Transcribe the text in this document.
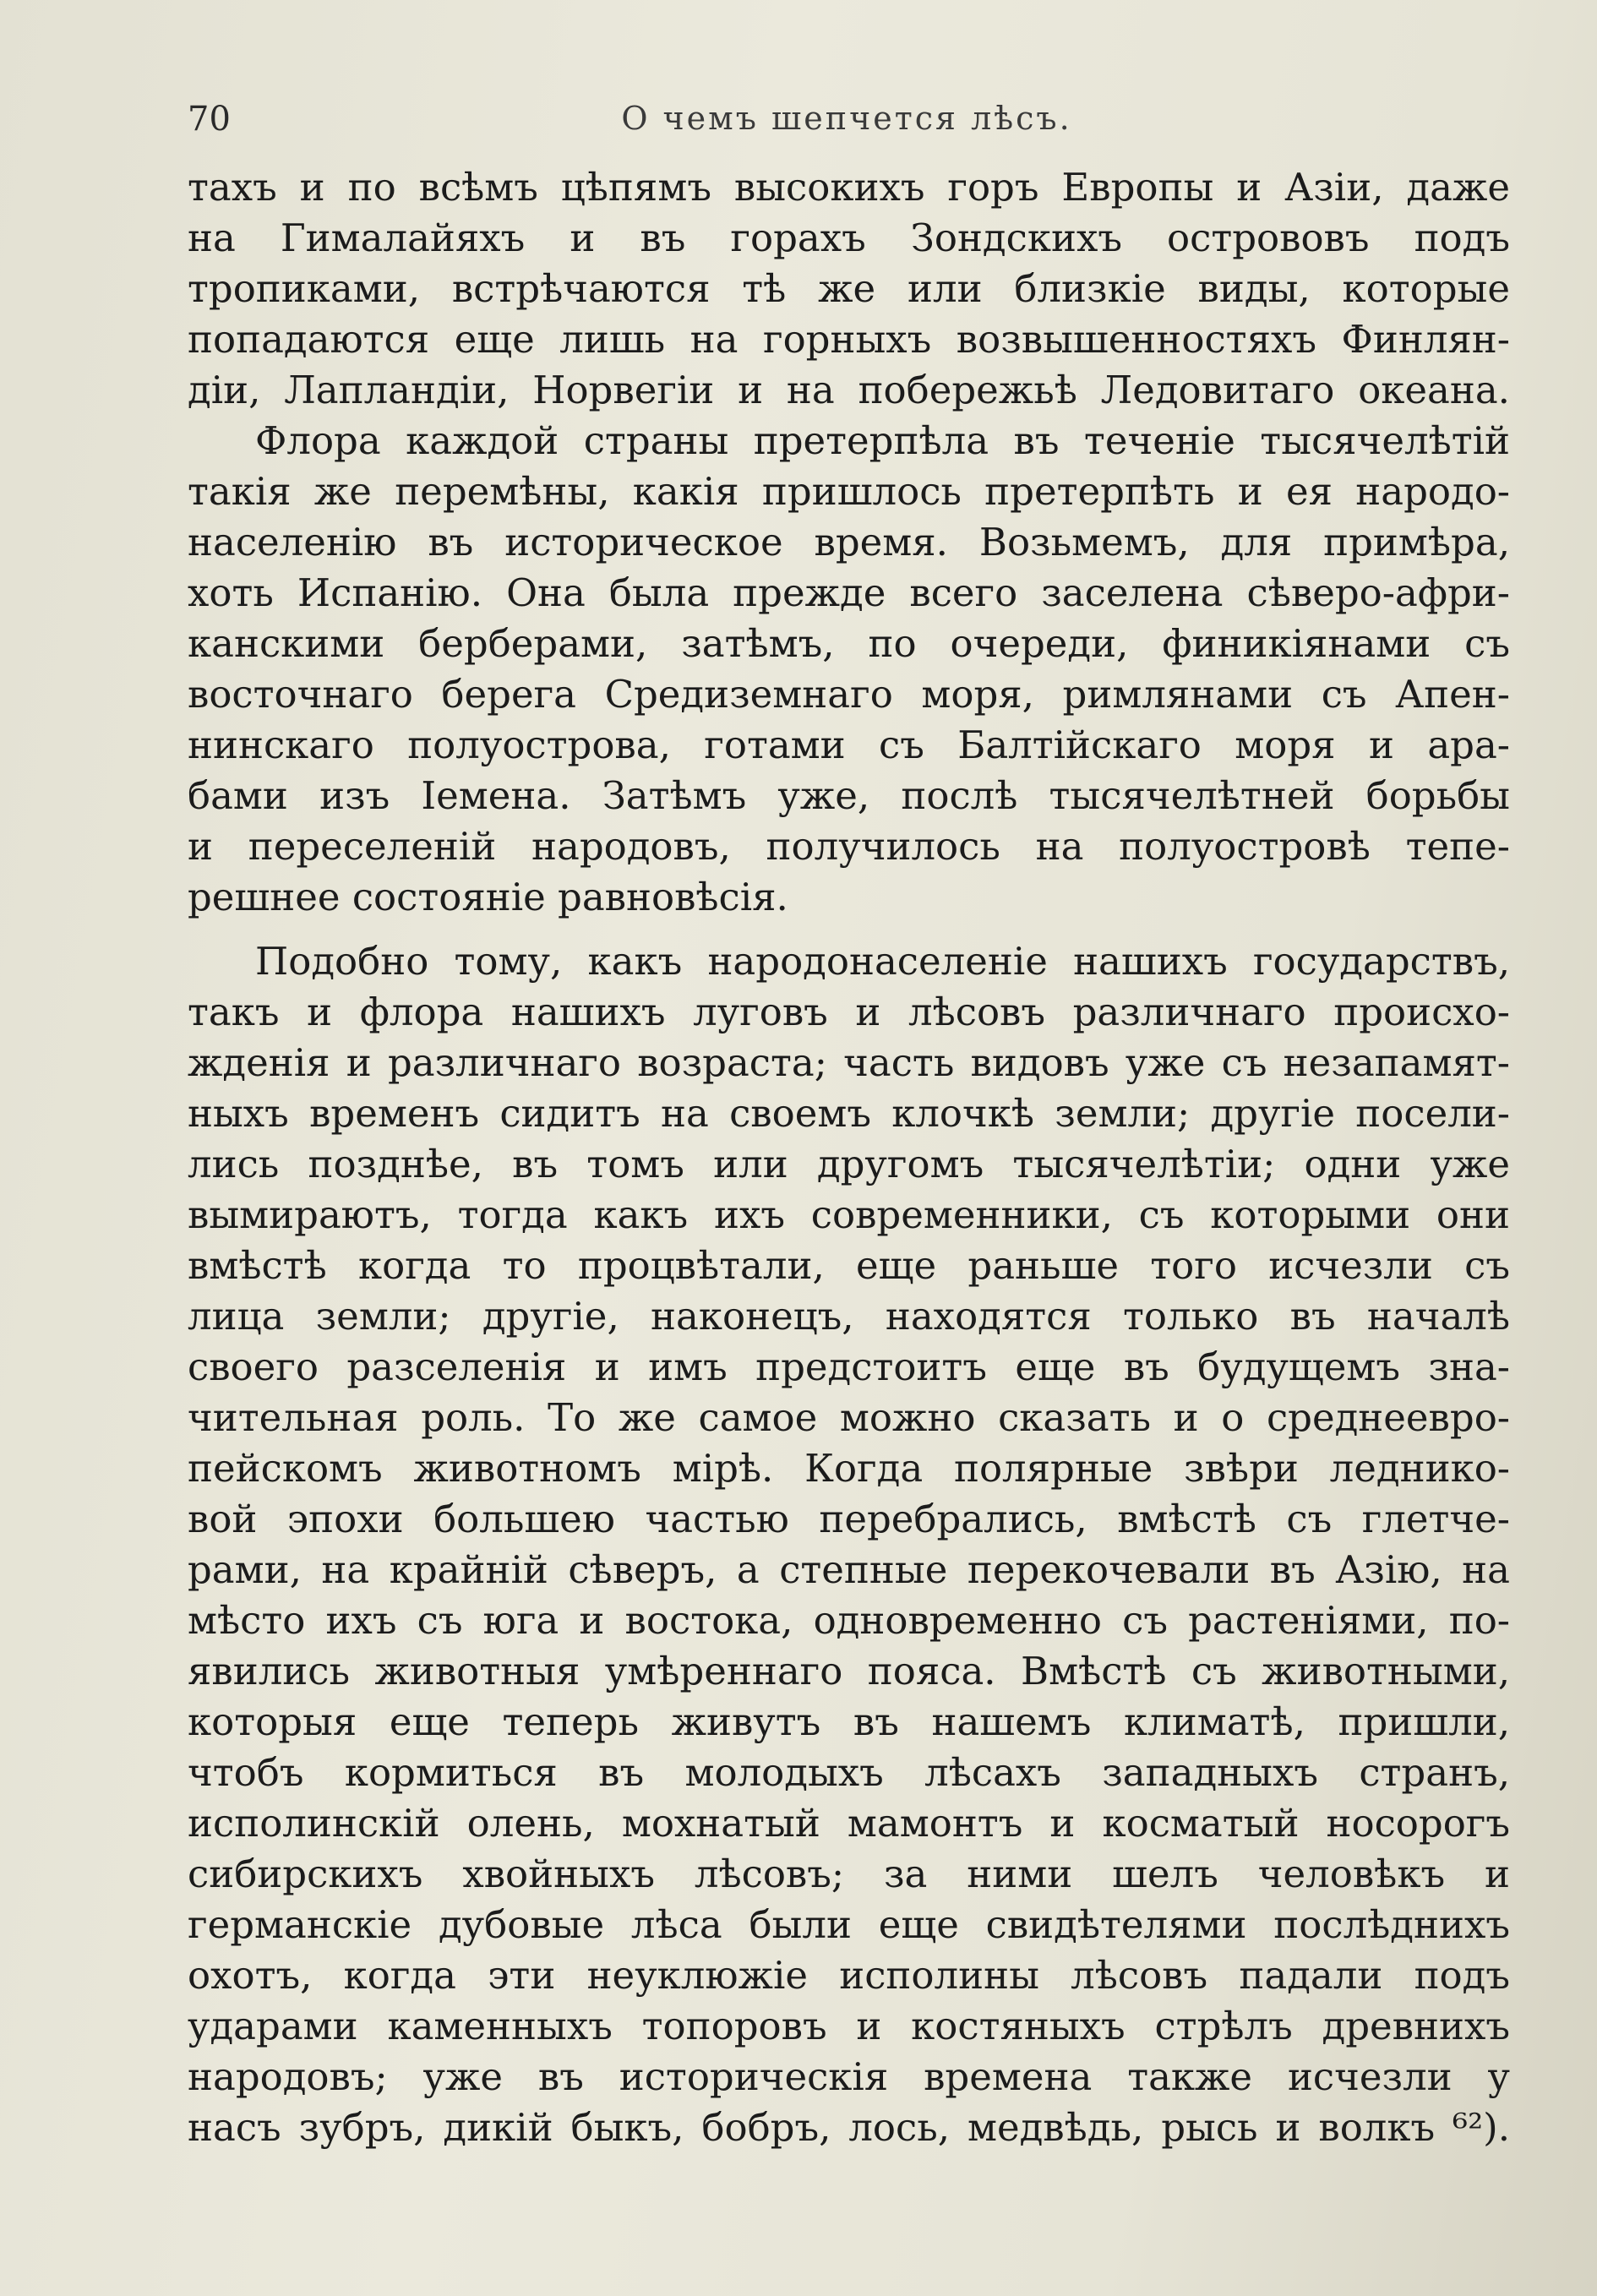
70	О чемъ шепчется лѣсъ.
тахъ и по всѣмъ цѣпямъ высокихъ горъ Европы и Азіи, даже
на Гималайяхъ и въ горахъ Зондскихъ острововъ подъ
тропиками, встрѣчаются тѣ же или близкіе виды, которые
попадаются еще лишь на горныхъ возвышенностяхъ Финлян-
діи, Лапландіи, Норвегіи и на побережьѣ Ледовитаго океана.
Флора каждой страны претерпѣла въ теченіе тысячелѣтій
такія же перемѣны, какія пришлось претерпѣть и ея народо-
населенію въ историческое время. Возьмемъ, для примѣра,
хоть Испанію. Она была прежде всего заселена сѣверо-афри-
канскими берберами, затѣмъ, по очереди, финикіянами съ
восточнаго берега Средиземнаго моря, римлянами съ Апен-
нинскаго полуострова, готами съ Балтійскаго моря и ара-
бами изъ Іемена. Затѣмъ уже, послѣ тысячелѣтней борьбы
и переселеній народовъ, получилось на полуостровѣ тепе-
решнее состояніе равновѣсія.
Подобно тому, какъ народонаселеніе нашихъ государствъ,
такъ и флора нашихъ луговъ и лѣсовъ различнаго происхо-
жденія и различнаго возраста; часть видовъ уже съ незапамят-
ныхъ временъ сидитъ на своемъ клочкѣ земли; другіе посели-
лись позднѣе, въ томъ или другомъ тысячелѣтіи; одни уже
вымираютъ, тогда какъ ихъ современники, съ которыми они
вмѣстѣ когда то процвѣтали, еще раньше того исчезли съ
лица земли; другіе, наконецъ, находятся только въ началѣ
своего разселенія и имъ предстоитъ еще въ будущемъ зна-
чительная роль. То же самое можно сказать и о среднеевро-
пейскомъ животномъ мірѣ. Когда полярные звѣри леднико-
вой эпохи большею частью перебрались, вмѣстѣ съ глетче-
рами, на крайній сѣверъ, а степные перекочевали въ Азію, на
мѣсто ихъ съ юга и востока, одновременно съ растеніями, по-
явились животныя умѣреннаго пояса. Вмѣстѣ съ животными,
которыя еще теперь живутъ въ нашемъ климатѣ, пришли,
чтобъ кормиться въ молодыхъ лѣсахъ западныхъ странъ,
исполинскій олень, мохнатый мамонтъ и косматый носорогъ
сибирскихъ хвойныхъ лѣсовъ; за ними шелъ человѣкъ и
германскіе дубовые лѣса были еще свидѣтелями послѣднихъ
охотъ, когда эти неуклюжіе исполины лѣсовъ падали подъ
ударами каменныхъ топоровъ и костяныхъ стрѣлъ древнихъ
народовъ; уже въ историческія времена также исчезли у
насъ зубръ, дикій быкъ, бобръ, лось, медвѣдь, рысь и волкъ ⁶²).
